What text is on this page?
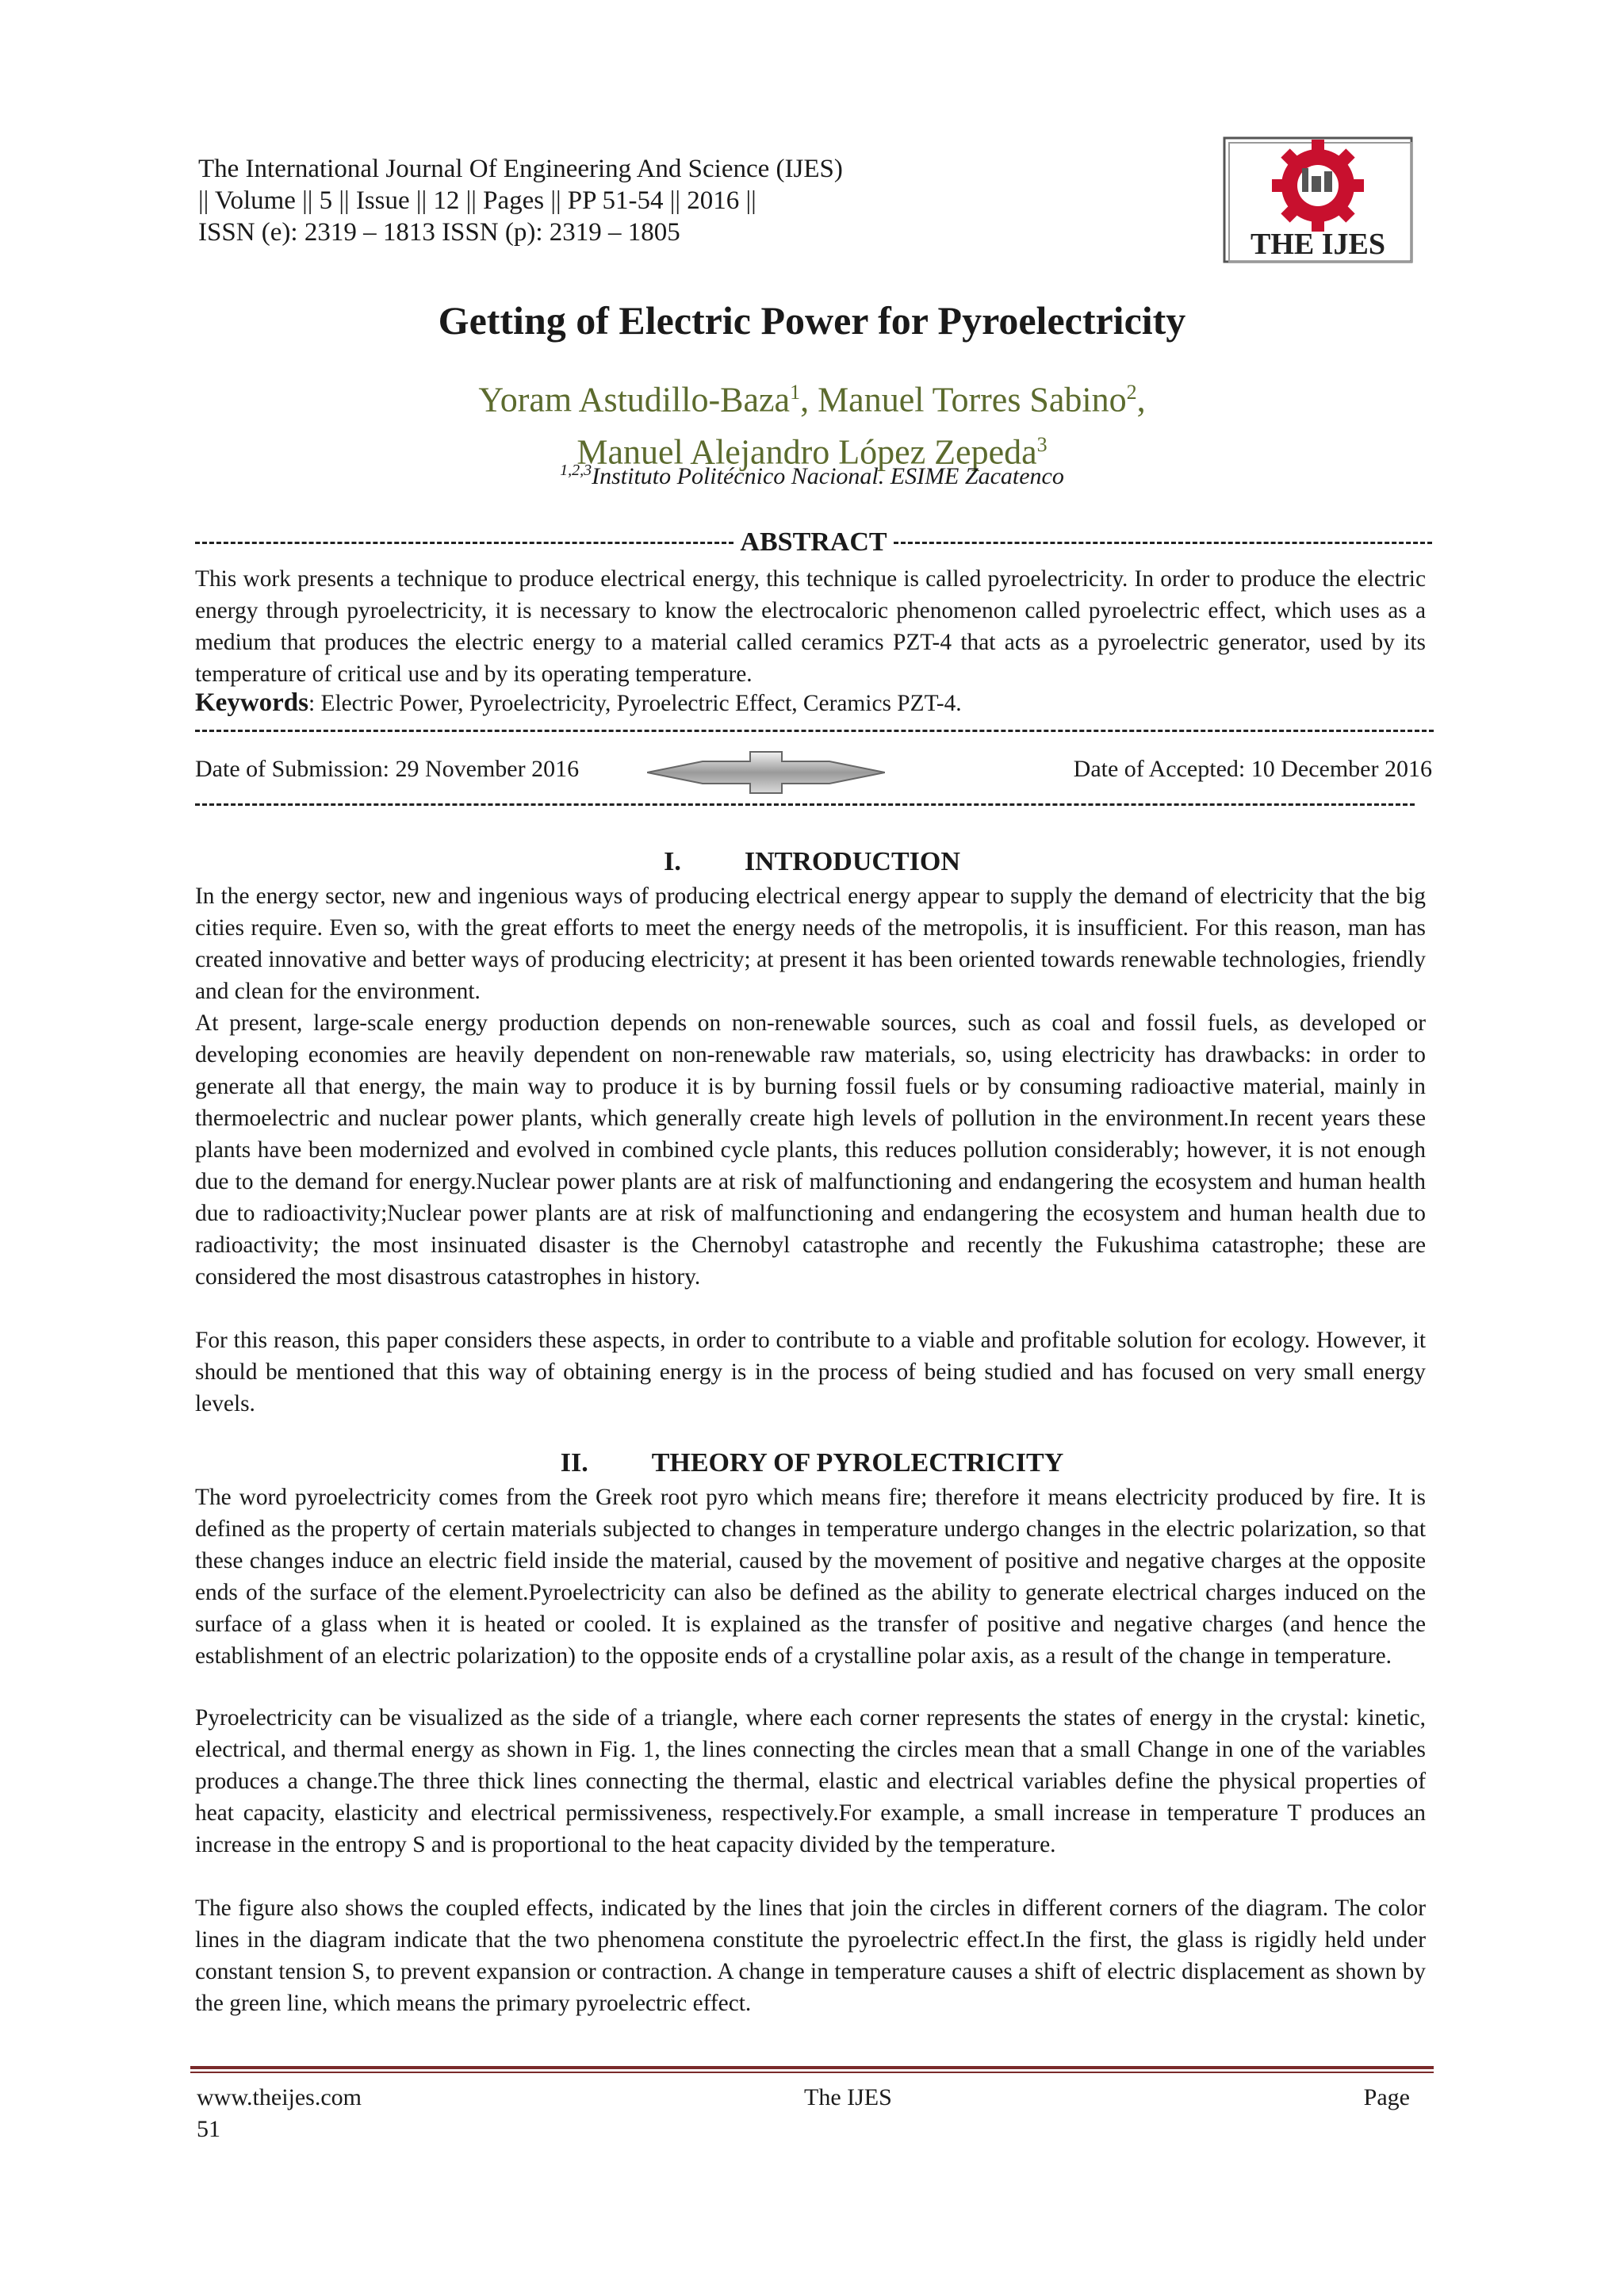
The International Journal Of Engineering And Science (IJES)
|| Volume || 5 || Issue || 12 || Pages || PP 51-54 || 2016 ||
ISSN (e): 2319 – 1813 ISSN (p): 2319 – 1805	THE IJES
Getting of Electric Power for Pyroelectricity
Yoram Astudillo-Baza$^1$, Manuel Torres Sabino$^2$,
Manuel Alejandro López Zepeda$^3$
$^{1,2,3}$Instituto Politécnico Nacional. ESIME Zacatenco
ABSTRACT
This work presents a technique to produce electrical energy, this technique is called pyroelectricity. In order to produce the electric energy through pyroelectricity, it is necessary to know the electrocaloric phenomenon called pyroelectric effect, which uses as a medium that produces the electric energy to a material called ceramics PZT-4 that acts as a pyroelectric generator, used by its temperature of critical use and by its operating temperature.
Keywords: Electric Power, Pyroelectricity, Pyroelectric Effect, Ceramics PZT-4.
Date of Submission: 29 November 2016	Date of Accepted: 10 December 2016
I. INTRODUCTION
In the energy sector, new and ingenious ways of producing electrical energy appear to supply the demand of electricity that the big cities require. Even so, with the great efforts to meet the energy needs of the metropolis, it is insufficient. For this reason, man has created innovative and better ways of producing electricity; at present it has been oriented towards renewable technologies, friendly and clean for the environment.
At present, large-scale energy production depends on non-renewable sources, such as coal and fossil fuels, as developed or developing economies are heavily dependent on non-renewable raw materials, so, using electricity has drawbacks: in order to generate all that energy, the main way to produce it is by burning fossil fuels or by consuming radioactive material, mainly in thermoelectric and nuclear power plants, which generally create high levels of pollution in the environment.In recent years these plants have been modernized and evolved in combined cycle plants, this reduces pollution considerably; however, it is not enough due to the demand for energy.Nuclear power plants are at risk of malfunctioning and endangering the ecosystem and human health due to radioactivity;Nuclear power plants are at risk of malfunctioning and endangering the ecosystem and human health due to radioactivity; the most insinuated disaster is the Chernobyl catastrophe and recently the Fukushima catastrophe; these are considered the most disastrous catastrophes in history.
For this reason, this paper considers these aspects, in order to contribute to a viable and profitable solution for ecology. However, it should be mentioned that this way of obtaining energy is in the process of being studied and has focused on very small energy levels.
II. THEORY OF PYROLECTRICITY
The word pyroelectricity comes from the Greek root pyro which means fire; therefore it means electricity produced by fire. It is defined as the property of certain materials subjected to changes in temperature undergo changes in the electric polarization, so that these changes induce an electric field inside the material, caused by the movement of positive and negative charges at the opposite ends of the surface of the element.Pyroelectricity can also be defined as the ability to generate electrical charges induced on the surface of a glass when it is heated or cooled. It is explained as the transfer of positive and negative charges (and hence the establishment of an electric polarization) to the opposite ends of a crystalline polar axis, as a result of the change in temperature.
Pyroelectricity can be visualized as the side of a triangle, where each corner represents the states of energy in the crystal: kinetic, electrical, and thermal energy as shown in Fig. 1, the lines connecting the circles mean that a small Change in one of the variables produces a change.The three thick lines connecting the thermal, elastic and electrical variables define the physical properties of heat capacity, elasticity and electrical permissiveness, respectively.For example, a small increase in temperature T produces an increase in the entropy S and is proportional to the heat capacity divided by the temperature.
The figure also shows the coupled effects, indicated by the lines that join the circles in different corners of the diagram. The color lines in the diagram indicate that the two phenomena constitute the pyroelectric effect.In the first, the glass is rigidly held under constant tension S, to prevent expansion or contraction. A change in temperature causes a shift of electric displacement as shown by the green line, which means the primary pyroelectric effect.
www.theijes.com	The IJES	Page
51
